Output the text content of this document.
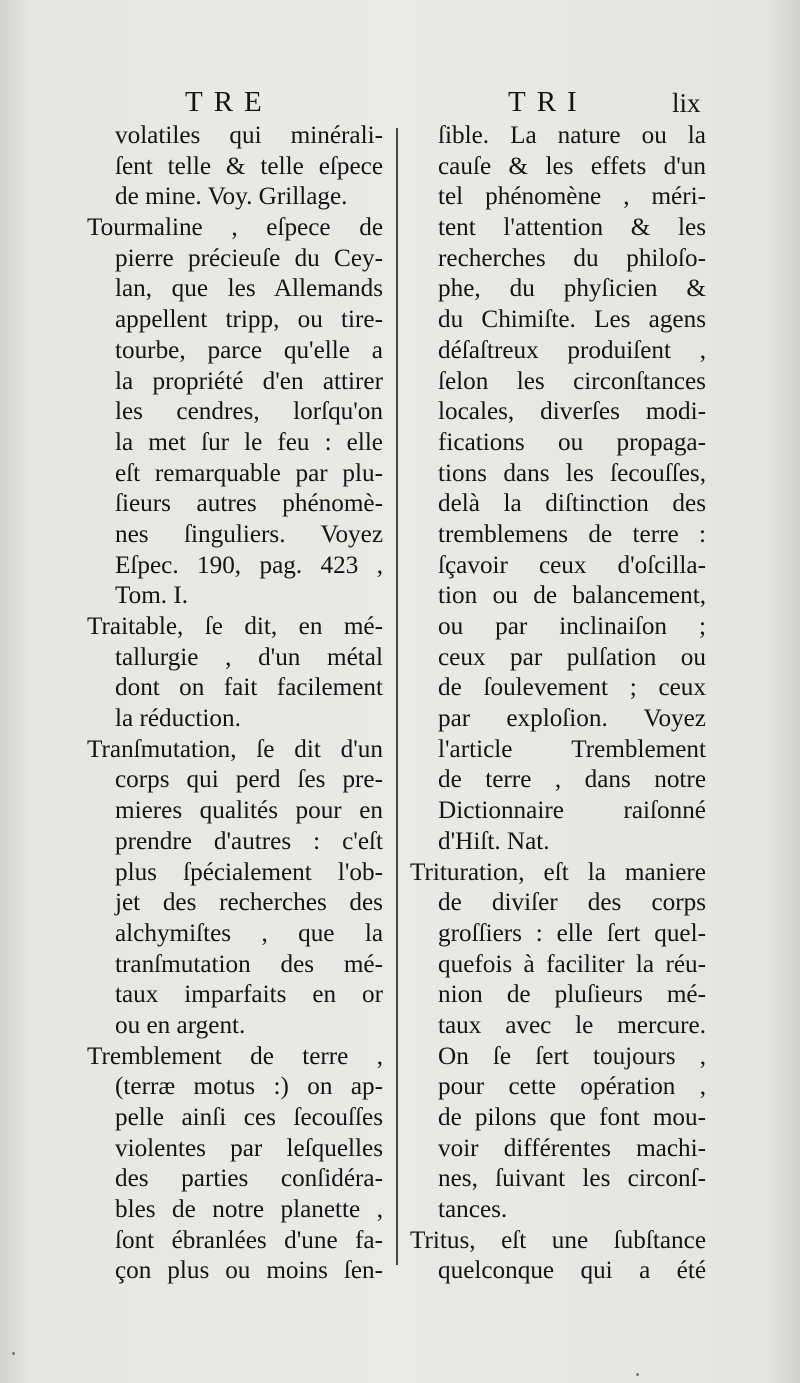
TRE	TRI	lix
volatiles qui minérali-
ſent telle & telle eſpece
de mine. Voy. Grillage.
Tourmaline , eſpece de
pierre précieuſe du Cey-
lan, que les Allemands
appellent tripp, ou tire-
tourbe, parce qu'elle a
la propriété d'en attirer
les cendres, lorſqu'on
la met ſur le feu : elle
eſt remarquable par plu-
ſieurs autres phénomè-
nes ſinguliers. Voyez
Eſpec. 190, pag. 423 ,
Tom. I.
Traitable, ſe dit, en mé-
tallurgie , d'un métal
dont on fait facilement
la réduction.
Tranſmutation, ſe dit d'un
corps qui perd ſes pre-
mieres qualités pour en
prendre d'autres : c'eſt
plus ſpécialement l'ob-
jet des recherches des
alchymiſtes , que la
tranſmutation des mé-
taux imparfaits en or
ou en argent.
Tremblement de terre ,
(terræ motus :) on ap-
pelle ainſi ces ſecouſſes
violentes par leſquelles
des parties conſidéra-
bles de notre planette ,
ſont ébranlées d'une fa-
çon plus ou moins ſen-
ſible. La nature ou la
cauſe & les effets d'un
tel phénomène , méri-
tent l'attention & les
recherches du philoſo-
phe, du phyſicien &
du Chimiſte. Les agens
déſaſtreux produiſent ,
ſelon les circonſtances
locales, diverſes modi-
fications ou propaga-
tions dans les ſecouſſes,
delà la diſtinction des
tremblemens de terre :
ſçavoir ceux d'oſcilla-
tion ou de balancement,
ou par inclinaiſon ;
ceux par pulſation ou
de ſoulevement ; ceux
par exploſion. Voyez
l'article Tremblement
de terre , dans notre
Dictionnaire raiſonné
d'Hiſt. Nat.
Trituration, eſt la maniere
de diviſer des corps
groſſiers : elle ſert quel-
quefois à faciliter la réu-
nion de pluſieurs mé-
taux avec le mercure.
On ſe ſert toujours ,
pour cette opération ,
de pilons que font mou-
voir différentes machi-
nes, ſuivant les circonſ-
tances.
Tritus, eſt une ſubſtance
quelconque qui a été
